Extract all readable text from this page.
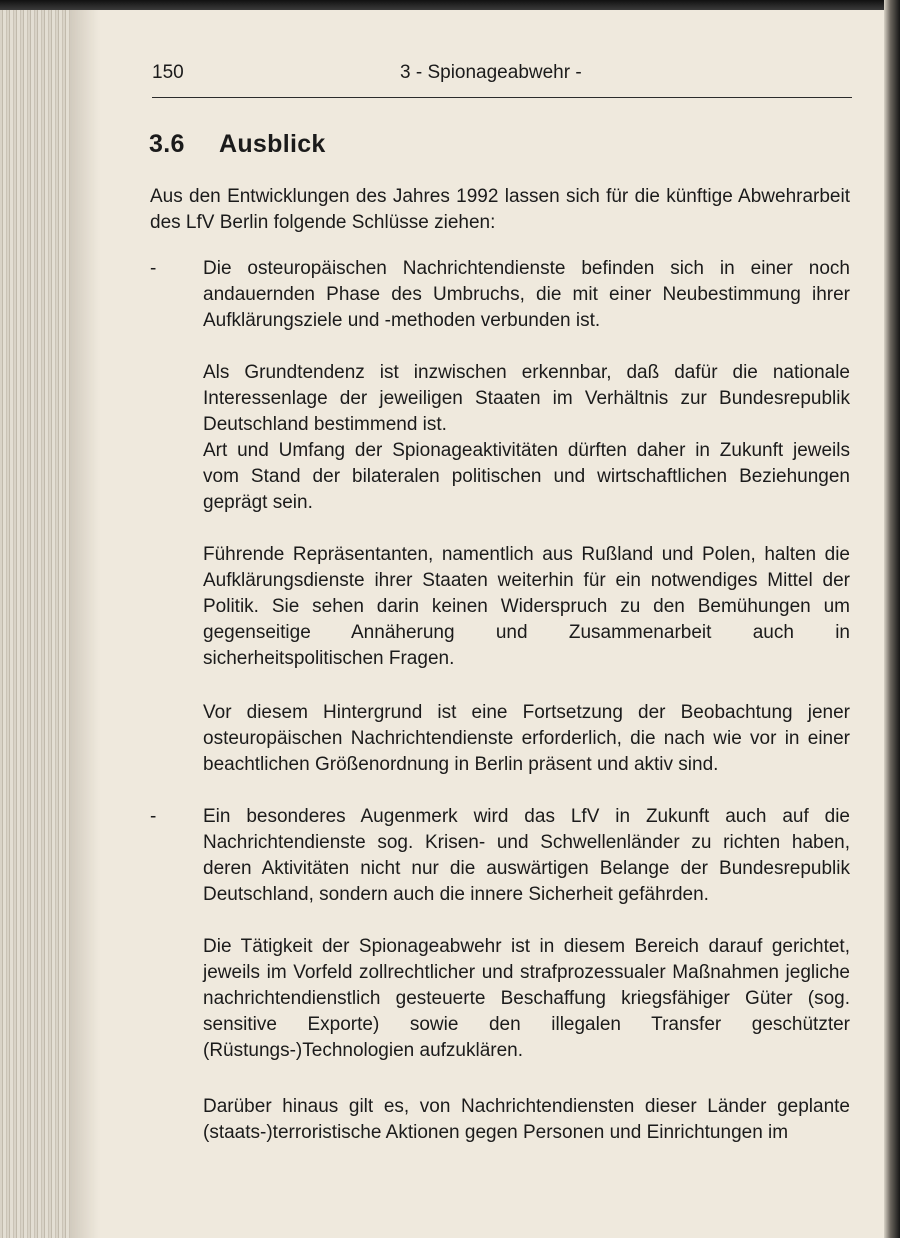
150	3 - Spionageabwehr -
3.6 Ausblick

Aus den Entwicklungen des Jahres 1992 lassen sich für die künftige Abwehrarbeit des LfV Berlin folgende Schlüsse ziehen:

- Die osteuropäischen Nachrichtendienste befinden sich in einer noch andauernden Phase des Umbruchs, die mit einer Neubestimmung ihrer Aufklärungsziele und -methoden verbunden ist.

Als Grundtendenz ist inzwischen erkennbar, daß dafür die nationale Interessenlage der jeweiligen Staaten im Verhältnis zur Bundesrepublik Deutschland bestimmend ist.

Art und Umfang der Spionageaktivitäten dürften daher in Zukunft jeweils vom Stand der bilateralen politischen und wirtschaftlichen Beziehungen geprägt sein.

Führende Repräsentanten, namentlich aus Rußland und Polen, halten die Aufklärungsdienste ihrer Staaten weiterhin für ein notwendiges Mittel der Politik. Sie sehen darin keinen Widerspruch zu den Bemühungen um gegenseitige Annäherung und Zusammenarbeit auch in sicherheitspolitischen Fragen.

Vor diesem Hintergrund ist eine Fortsetzung der Beobachtung jener osteuropäischen Nachrichtendienste erforderlich, die nach wie vor in einer beachtlichen Größenordnung in Berlin präsent und aktiv sind.

- Ein besonderes Augenmerk wird das LfV in Zukunft auch auf die Nachrichtendienste sog. Krisen- und Schwellenländer zu richten haben, deren Aktivitäten nicht nur die auswärtigen Belange der Bundesrepublik Deutschland, sondern auch die innere Sicherheit gefährden.

Die Tätigkeit der Spionageabwehr ist in diesem Bereich darauf gerichtet, jeweils im Vorfeld zollrechtlicher und strafprozessualer Maßnahmen jegliche nachrichtendienstlich gesteuerte Beschaffung kriegsfähiger Güter (sog. sensitive Exporte) sowie den illegalen Transfer geschützter (Rüstungs-)Technologien aufzuklären.

Darüber hinaus gilt es, von Nachrichtendiensten dieser Länder geplante (staats-)terroristische Aktionen gegen Personen und Einrichtungen im
